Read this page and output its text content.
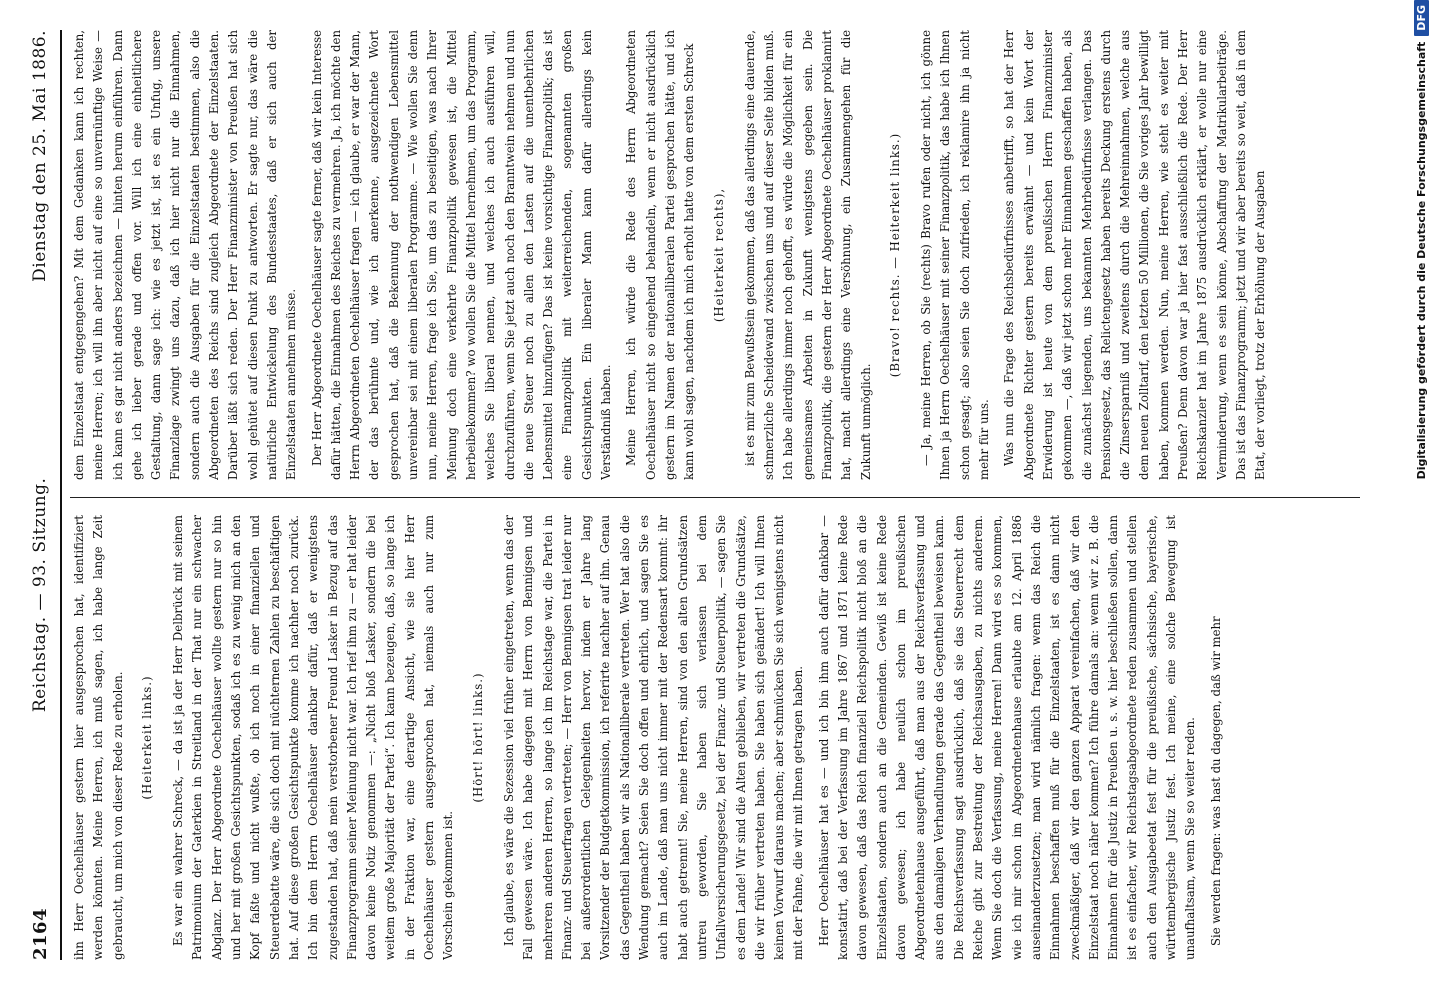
2164
Reichstag. — 93. Sitzung.
Dienstag den 25. Mai 1886.

ihn Herr Oechelhäuser gestern hier ausgesprochen hat, identifiziert werden könnten. Meine Herren, ich muß sagen, ich habe lange Zeit gebraucht, um mich von dieser Rede zu erholen. (Heiterkeit links.) Es war ein wahrer Schreck, — da ist ja der Herr Delbrück mit seinem Patrimonium der Gaterkien in Streitland in der That nur ein schwacher Abglanz. Der Herr Abgeordnete Oechelhäuser wollte gestern nur so hin und her mit großen Gesichtspunkten, sodaß ich es zu wenig mich an den Kopf faßte und nicht wußte, ob ich noch in einer finanziellen und Steuerdebatte wäre, die sich doch mit nüchternen Zahlen zu beschäftigen hat. Auf diese großen Gesichtspunkte komme ich nachher noch zurück. Ich bin dem Herrn Oechelhäuser dankbar dafür, daß er wenigstens zugestanden hat, daß mein verstorbener Freund Lasker in Bezug auf das Finanzprogramm seiner Meinung nicht war. Ich rief ihm zu — er hat leider davon keine Notiz genommen —: „Nicht bloß Lasker, sondern die bei weitem große Majorität der Partei“. Ich kann bezeugen, daß, so lange ich in der Fraktion war, eine derartige Ansicht, wie sie hier Herr Oechelhäuser gestern ausgesprochen hat, niemals auch nur zum Vorschein gekommen ist.

(Hört! hört! links.) Ich glaube, es wäre die Sezession viel früher eingetreten, wenn das der Fall gewesen wäre. Ich habe dagegen mit Herrn von Bennigsen und mehreren anderen Herren, so lange ich im Reichstage war, die Partei in Finanz- und Steuerfragen vertreten; — Herr von Bennigsen trat leider nur bei außerordentlichen Gelegenheiten hervor, indem er Jahre lang Vorsitzender der Budgetkommission, ich referirte nachher auf ihn. Genau das Gegentheil haben wir als Nationalliberale vertreten. Wer hat also die Wendung gemacht? Seien Sie doch offen und ehrlich, und sagen Sie es auch im Lande, daß man uns nicht immer mit der Redensart kommt: ihr habt auch getrennt! Sie, meine Herren, sind von den alten Grundsätzen untreu geworden, Sie haben sich verlassen bei dem Unfallversicherungsgesetz, bei der Finanz- und Steuerpolitik, — sagen Sie es dem Lande! Wir sind die Alten geblieben, wir vertreten die Grundsätze, die wir früher vertreten haben. Sie haben sich geändert! Ich will Ihnen keinen Vorwurf daraus machen; aber schmücken Sie sich wenigstens nicht mit der Fahne, die wir mit Ihnen getragen haben. Herr Oechelhäuser hat es — und ich bin ihm auch dafür dankbar — konstatirt, daß bei der Verfassung im Jahre 1867 und 1871 keine Rede davon gewesen, daß das Reich finanziell Reichspolitik nicht bloß an die Einzelstaaten, sondern auch an die Gemeinden. Gewiß ist keine Rede davon gewesen; ich habe neulich schon im preußischen Abgeordnetenhause ausgeführt, daß man aus der Reichsverfassung und aus den damaligen Verhandlungen gerade das Gegentheil beweisen kann. Die Reichsverfassung sagt ausdrücklich, daß sie das Steuerrecht dem Reiche gibt zur Bestreitung der Reichsausgaben, zu nichts anderem. Wenn Sie doch die Verfassung, meine Herren! Dann wird es so kommen, wie ich mir schon im Abgeordnetenhause erlaubte am 12. April 1886 auseinanderzusetzen; man wird nämlich fragen: wenn das Reich die Einnahmen beschaffen muß für die Einzelstaaten, ist es dann nicht zweckmäßiger, daß wir den ganzen Apparat vereinfachen, daß wir den Einzelstaat noch näher kommen? Ich führe damals an: wenn wir z. B. die Einnahmen für die Justiz in Preußen u. s. w. hier beschließen sollen, dann ist es einfacher, wir Reichstagsabgeordnete reden zusammen und stellen auch den Ausgabeetat fest für die preußische, sächsische, bayerische, württembergische Justiz fest. Ich meine, eine solche Bewegung ist unaufhaltsam, wenn Sie so weiter reden. Sie werden fragen: was hast du dagegen, daß wir mehr

dem Einzelstaat entgegengehen? Mit dem Gedanken kann ich rechten, meine Herren; ich will ihn aber nicht auf eine so unvernünftige Weise — ich kann es gar nicht anders bezeichnen — hinten herum einführen. Dann gehe ich lieber gerade und offen vor. Will ich eine einheitlichere Gestaltung, dann sage ich: wie es jetzt ist, ist es ein Unfug, unsere Finanzlage zwingt uns dazu, daß ich hier nicht nur die Einnahmen, sondern auch die Ausgaben für die Einzelstaaten bestimmen, also die Abgeordneten des Reichs sind zugleich Abgeordnete der Einzelstaaten. Darüber läßt sich reden. Der Herr Finanzminister von Preußen hat sich wohl gehütet auf diesen Punkt zu antworten. Er sagte nur, das wäre die natürliche Entwickelung des Bundesstaates, daß er sich auch der Einzelstaaten annehmen müsse. Der Herr Abgeordnete Oechelhäuser sagte ferner, daß wir kein Interesse dafür hätten, die Einnahmen des Reiches zu vermehren. Ja, ich möchte den Herrn Abgeordneten Oechelhäuser fragen — ich glaube, er war der Mann, der das berühmte und, wie ich anerkenne, ausgezeichnete Wort gesprochen hat, daß die Bekennung der nothwendigen Lebensmittel unvereinbar sei mit einem liberalen Programme. — Wie wollen Sie denn nun, meine Herren, frage ich Sie, um das zu beseitigen, was nach Ihrer Meinung doch eine verkehrte Finanzpolitik gewesen ist, die Mittel herbeibekommen? wo wollen Sie die Mittel hernehmen, um das Programm, welches Sie liberal nennen, und welches ich auch ausführen will, durchzuführen, wenn Sie jetzt auch noch den Branntwein nehmen und nun die neue Steuer noch zu allen den Lasten auf die unentbehrlichen Lebensmittel hinzufügen? Das ist keine vorsichtige Finanzpolitik; das ist eine Finanzpolitik mit weiterreichenden, sogenannten großen Gesichtspunkten. Ein liberaler Mann kann dafür allerdings kein Verständniß haben. Meine Herren, ich würde die Rede des Herrn Abgeordneten Oechelhäuser nicht so eingehend behandeln, wenn er nicht ausdrücklich gestern im Namen der nationalliberalen Partei gesprochen hätte, und ich kann wohl sagen, nachdem ich mich erholt hatte von dem ersten Schreck (Heiterkeit rechts), ist es mir zum Bewußtsein gekommen, daß das allerdings eine dauernde, schmerzliche Scheidewand zwischen uns und auf dieser Seite bilden muß. Ich habe allerdings immer noch gehofft, es würde die Möglichkeit für ein gemeinsames Arbeiten in Zukunft wenigstens gegeben sein. Die Finanzpolitik, die gestern der Herr Abgeordnete Oechelhäuser proklamirt hat, macht allerdings eine Versöhnung, ein Zusammengehen für die Zukunft unmöglich.

(Bravo! rechts. — Heiterkeit links.) — Ja, meine Herren, ob Sie (rechts) Bravo rufen oder nicht, ich gönne Ihnen ja Herrn Oechelhäuser mit seiner Finanzpolitik, das habe ich Ihnen schon gesagt; also seien Sie doch zufrieden, ich reklamire ihn ja nicht mehr für uns. Was nun die Frage des Reichsbedürfnisses anbetrifft, so hat der Herr Abgeordnete Richter gestern bereits erwähnt — und kein Wort der Erwiderung ist heute von dem preußischen Herrn Finanzminister gekommen —, daß wir jetzt schon mehr Einnahmen geschaffen haben, als die zunächst liegenden, uns bekannten Mehrbedürfnisse verlangen. Das Pensionsgesetz, das Relictengesetz haben bereits Deckung erstens durch die Zinsersparniß und zweitens durch die Mehreinnahmen, welche aus dem neuen Zolltarif, den letzten 50 Millionen, die Sie voriges Jahr bewilligt haben, kommen werden. Nun, meine Herren, wie steht es weiter mit Preußen? Denn davon war ja hier fast ausschließlich die Rede. Der Herr Reichskanzler hat im Jahre 1875 ausdrücklich erklärt, er wolle nur eine Verminderung, wenn es sein könne, Abschaffung der Matrikularbeiträge. Das ist das Finanzprogramm; jetzt und wir aber bereits so weit, daß in dem Etat, der vorliegt, trotz der Erhöhung der Ausgaben	Digitalisierung gefördert durch die Deutsche Forschungsgemeinschaft
DFG
